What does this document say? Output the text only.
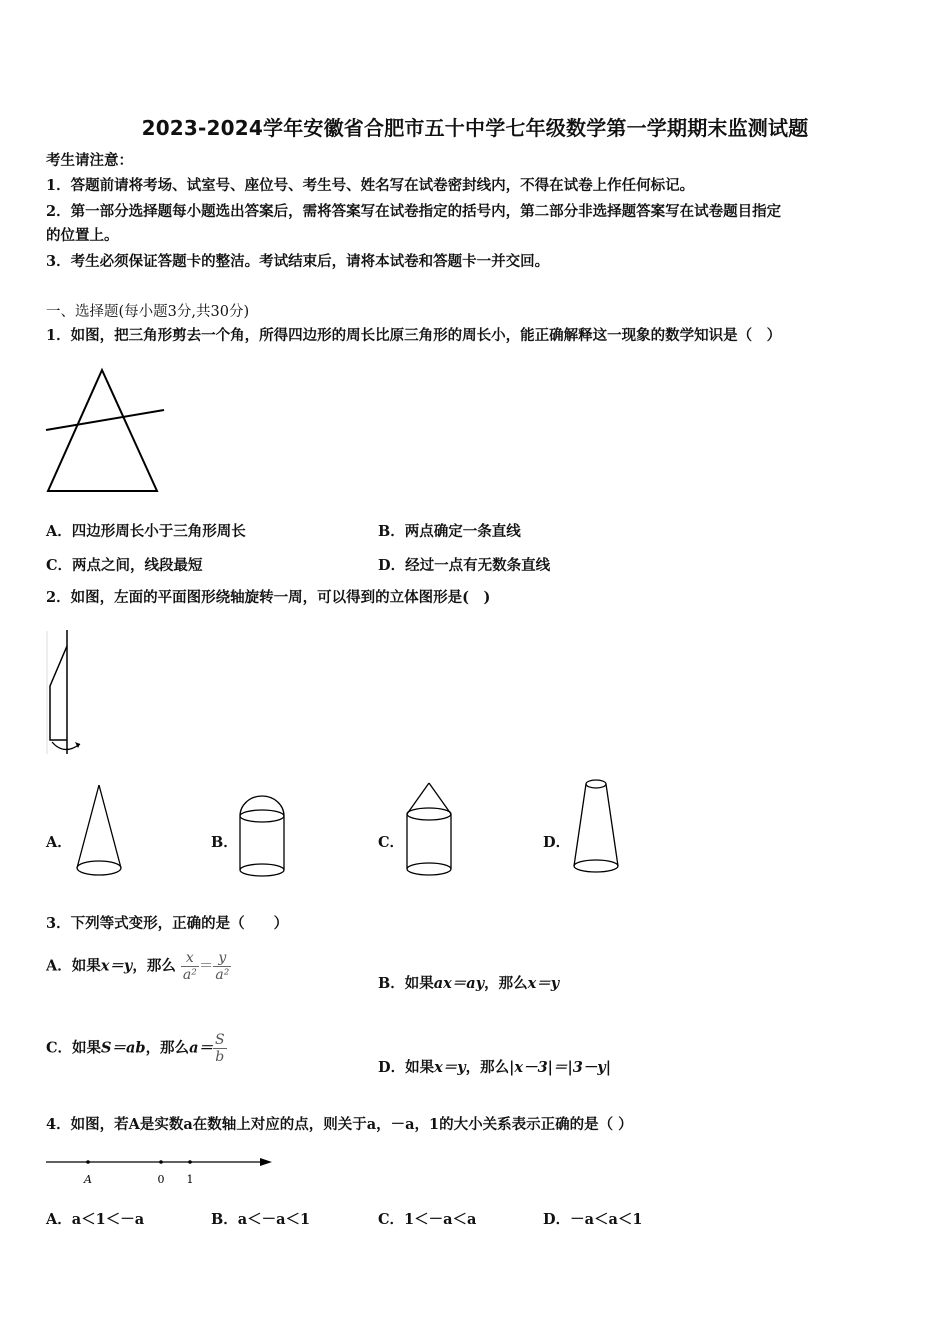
2023-2024学年安徽省合肥市五十中学七年级数学第一学期期末监测试题
考生请注意：
1．答题前请将考场、试室号、座位号、考生号、姓名写在试卷密封线内，不得在试卷上作任何标记。
2．第一部分选择题每小题选出答案后，需将答案写在试卷指定的括号内，第二部分非选择题答案写在试卷题目指定
的位置上。
3．考生必须保证答题卡的整洁。考试结束后，请将本试卷和答题卡一并交回。
一、选择题(每小题3分,共30分)
1．如图，把三角形剪去一个角，所得四边形的周长比原三角形的周长小，能正确解释这一现象的数学知识是（　）
A．四边形周长小于三角形周长	B．两点确定一条直线
C．两点之间，线段最短	D．经过一点有无数条直线
2．如图，左面的平面图形绕轴旋转一周，可以得到的立体图形是(　)
A．	B．	C．	D．
3．下列等式变形，正确的是（　　）
A．如果x＝y，那么 $\frac{x}{\text{a²}} = \frac{y}{\text{a²}}$
B．如果ax＝ay，那么x＝y
C．如果S＝ab，那么$a= \frac{S}{b}$
D．如果x＝y，那么|x－3|＝|3－y|
4．如图，若A是实数a在数轴上对应的点，则关于a，－a，1的大小关系表示正确的是（ ）
A	0 1
A．a＜1＜－a	B．a＜－a＜1	C．1＜－a＜a	D．－a＜a＜1
